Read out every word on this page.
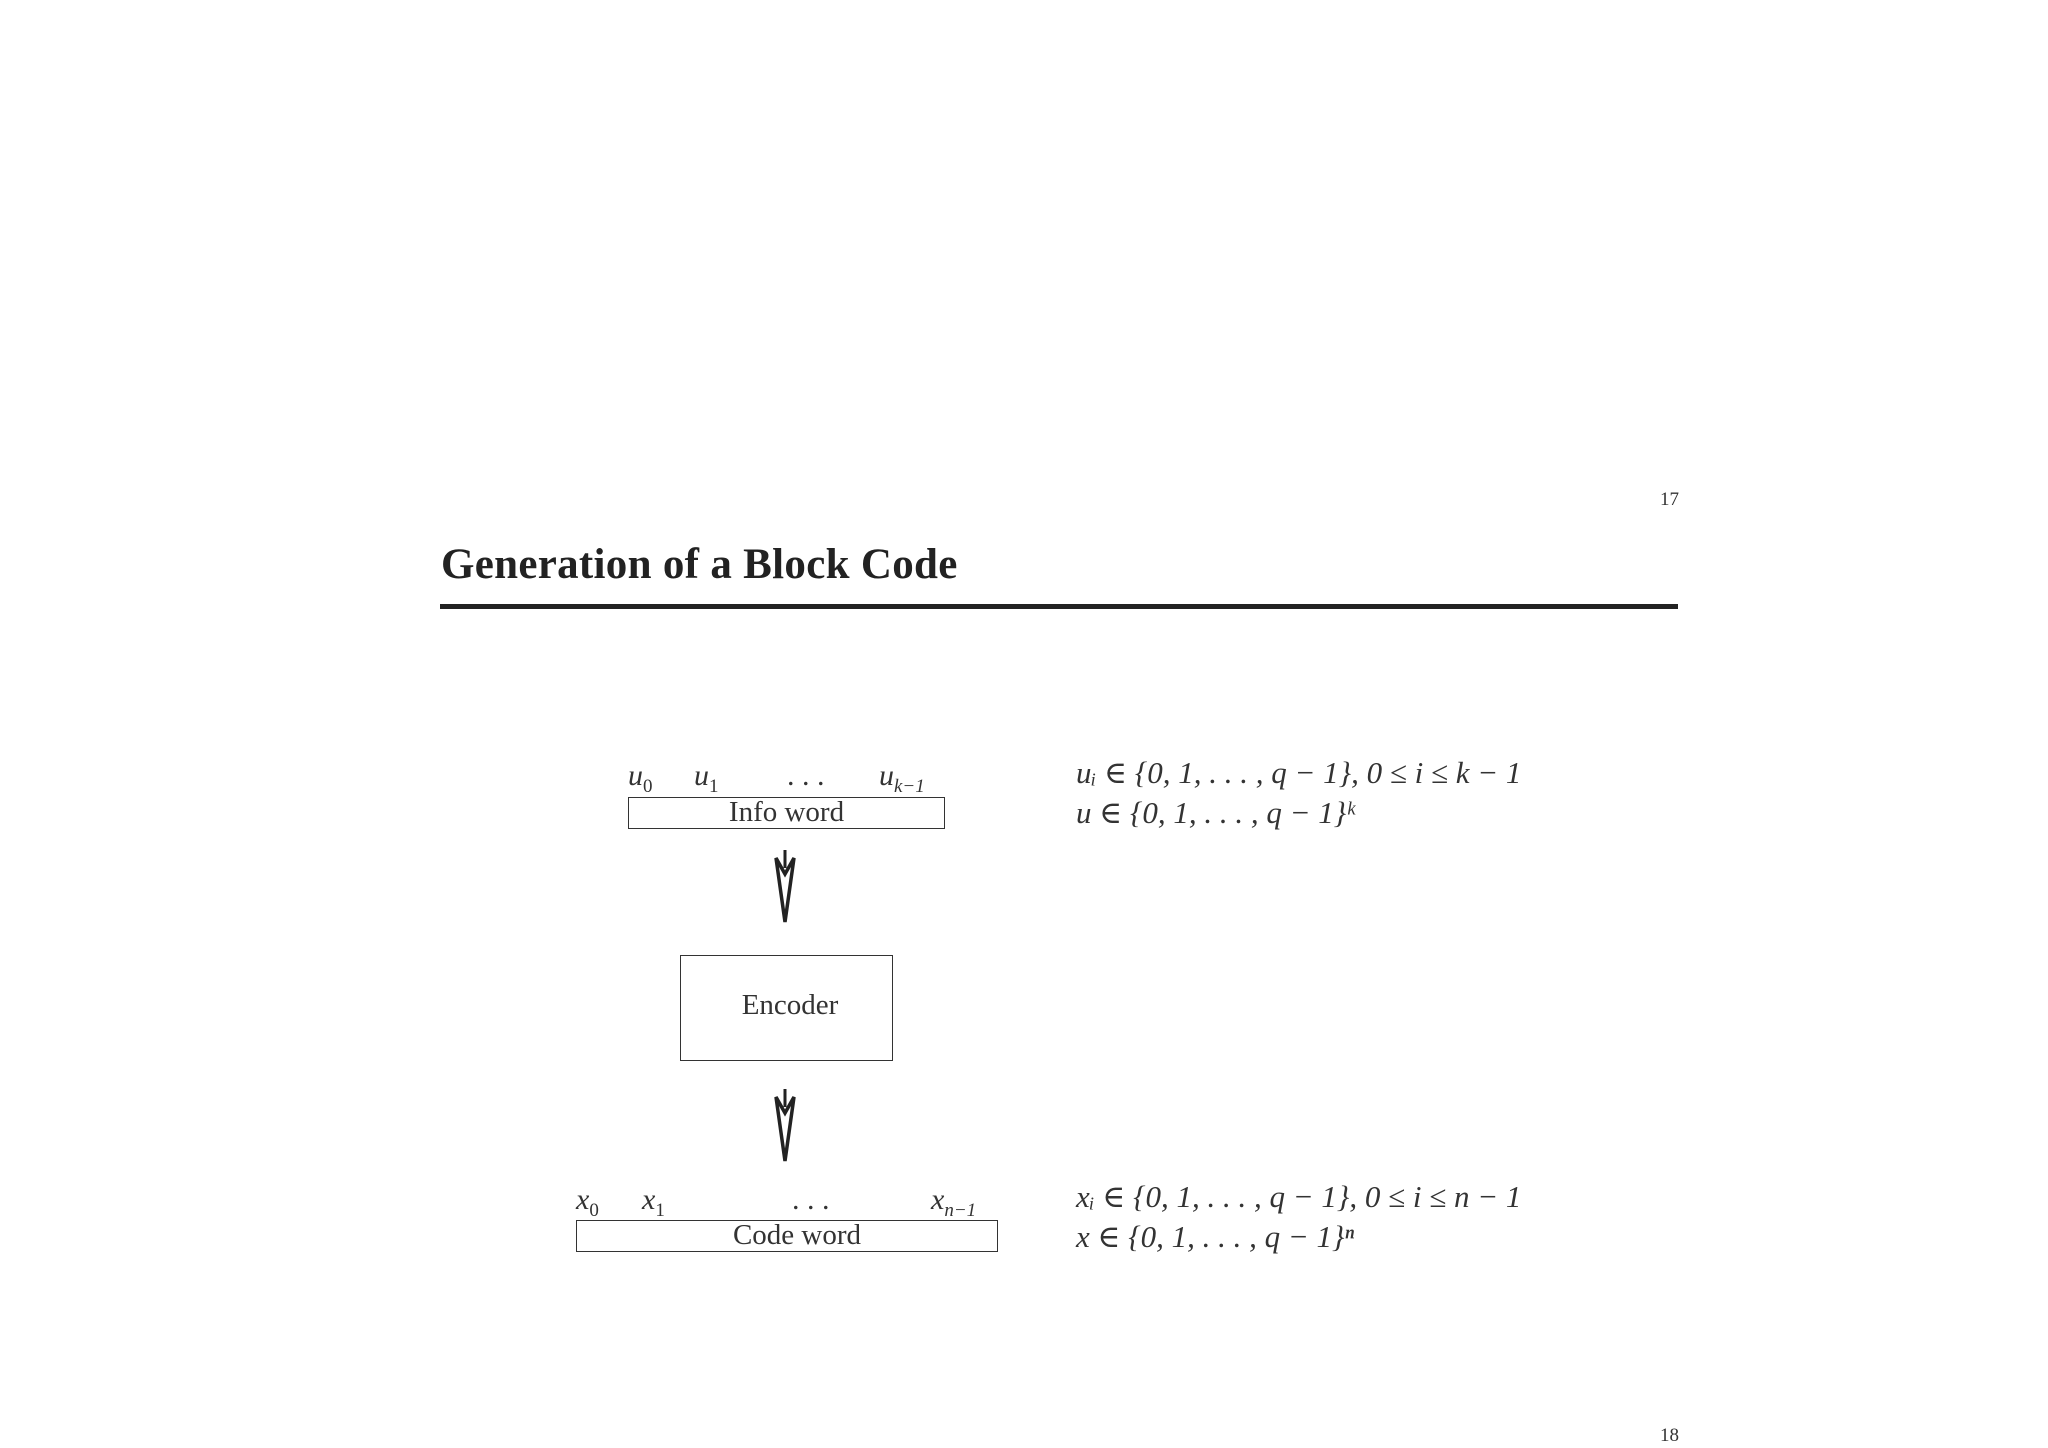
17
Generation of a Block Code
$u_0$ $u_1$ . . . $u_{k-1}$
Info word
uᵢ ∈ {0, 1, . . . , q − 1}, 0 ≤ i ≤ k − 1
u ∈ {0, 1, . . . , q − 1}ᵏ
Encoder
$x_0$ $x_1$	. . .	$x_{n-1}$
Code word
xᵢ ∈ {0, 1, . . . , q − 1}, 0 ≤ i ≤ n − 1
x ∈ {0, 1, . . . , q − 1}ⁿ
18
